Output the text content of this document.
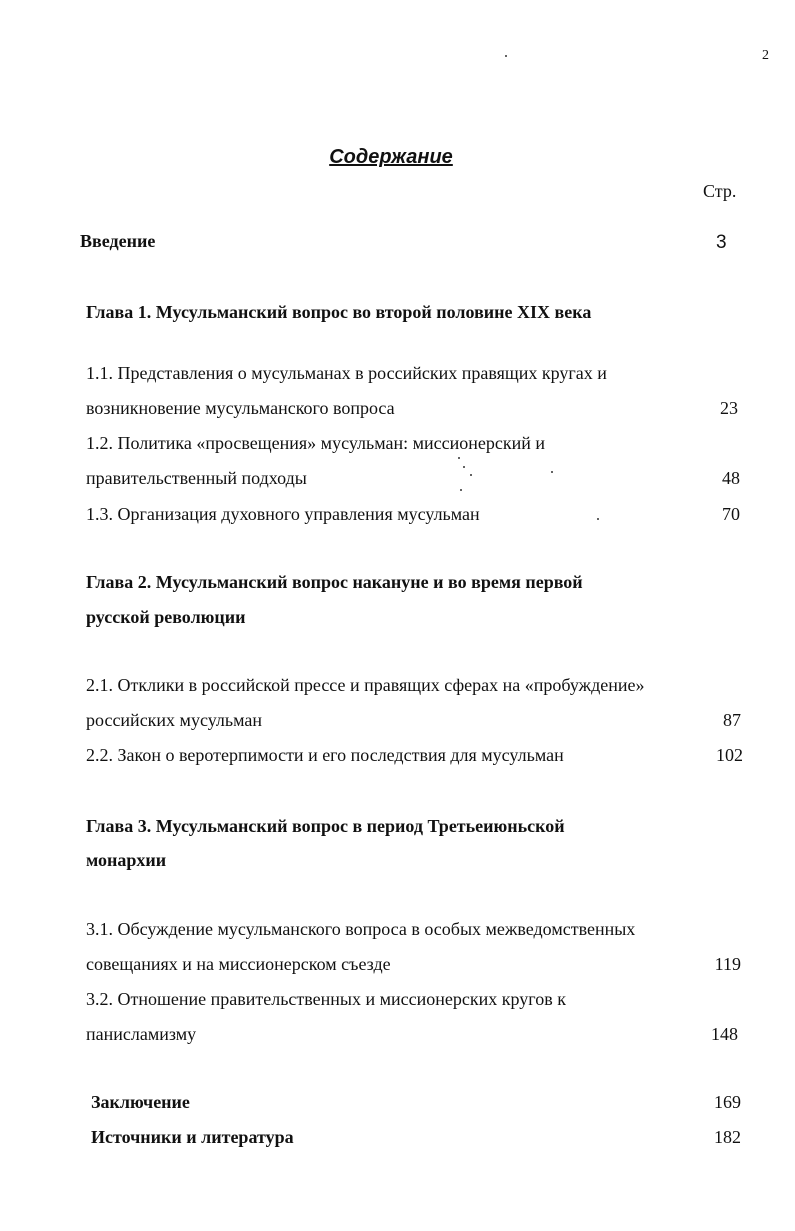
2
Содержание
Стр.
Введение	3
Глава 1. Мусульманский вопрос во второй половине XIX века
1.1. Представления о мусульманах в российских правящих кругах и
возникновение мусульманского вопроса	23
1.2. Политика «просвещения» мусульман: миссионерский и
правительственный подходы	48
1.3. Организация духовного управления мусульман	70
Глава 2. Мусульманский вопрос накануне и во время первой
русской революции
2.1. Отклики в российской прессе и правящих сферах на «пробуждение»
российских мусульман	87
2.2. Закон о веротерпимости и его последствия для мусульман	102
Глава 3. Мусульманский вопрос в период Третьеиюньской
монархии
3.1. Обсуждение мусульманского вопроса в особых межведомственных
совещаниях и на миссионерском съезде	119
3.2. Отношение правительственных и миссионерских кругов к
панисламизму	148
Заключение	169
Источники и литература	182
